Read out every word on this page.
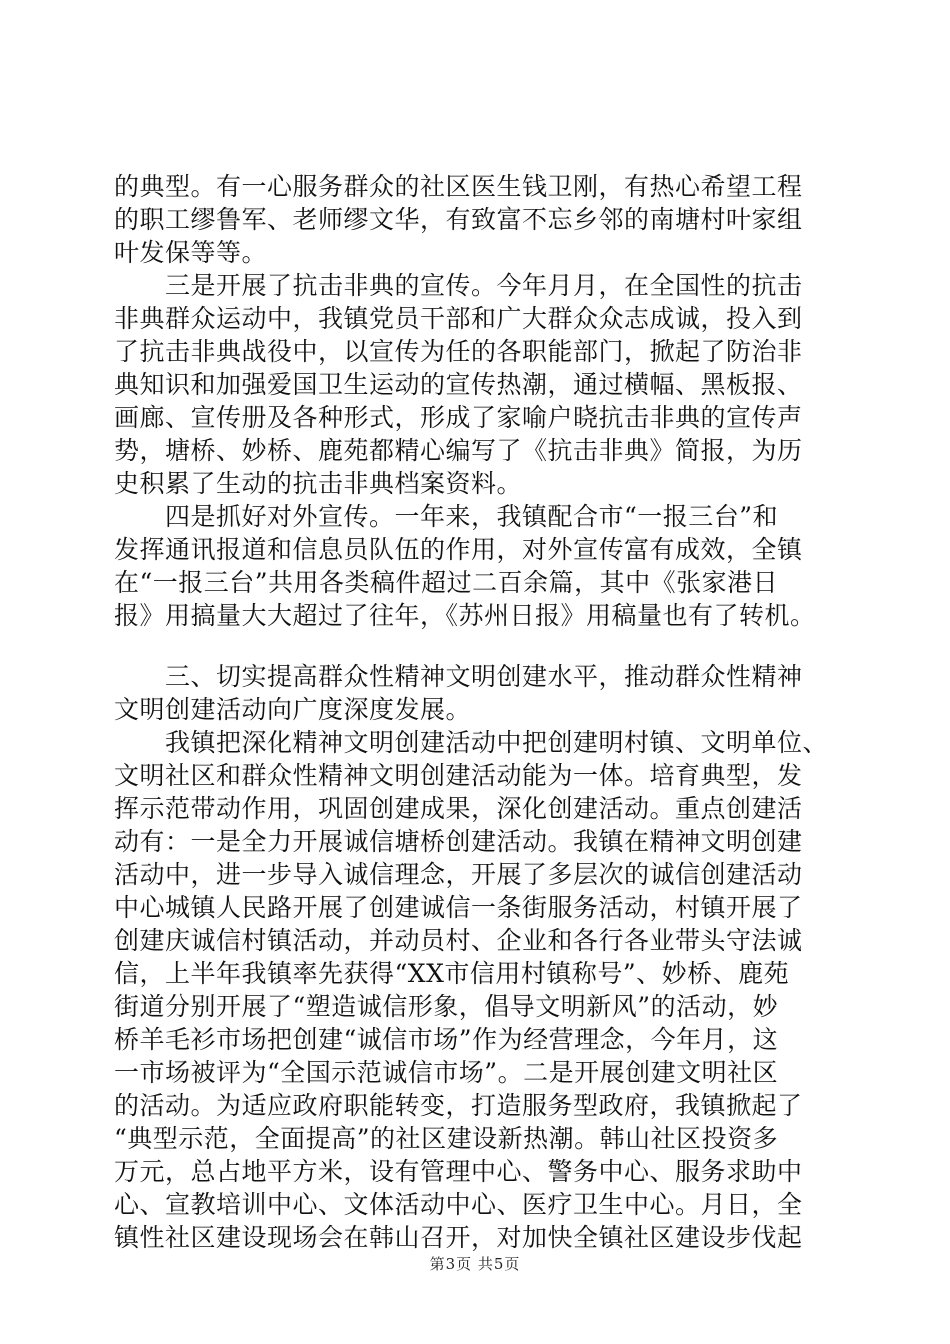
的典型。有一心服务群众的社区医生钱卫刚，有热心希望工程
的职工缪鲁军、老师缪文华，有致富不忘乡邻的南塘村叶家组
叶发保等等。
　　三是开展了抗击非典的宣传。今年月月，在全国性的抗击
非典群众运动中，我镇党员干部和广大群众众志成诚，投入到
了抗击非典战役中，以宣传为任的各职能部门，掀起了防治非
典知识和加强爱国卫生运动的宣传热潮，通过横幅、黑板报、
画廊、宣传册及各种形式，形成了家喻户晓抗击非典的宣传声
势，塘桥、妙桥、鹿苑都精心编写了《抗击非典》简报，为历
史积累了生动的抗击非典档案资料。
　　四是抓好对外宣传。一年来，我镇配合市“一报三台”和
发挥通讯报道和信息员队伍的作用，对外宣传富有成效，全镇
在“一报三台”共用各类稿件超过二百余篇，其中《张家港日
报》用搞量大大超过了往年，《苏州日报》用稿量也有了转机。
　　三、切实提高群众性精神文明创建水平，推动群众性精神
文明创建活动向广度深度发展。
　　我镇把深化精神文明创建活动中把创建明村镇、文明单位、
文明社区和群众性精神文明创建活动能为一体。培育典型，发
挥示范带动作用，巩固创建成果，深化创建活动。重点创建活
动有：一是全力开展诚信塘桥创建活动。我镇在精神文明创建
活动中，进一步导入诚信理念，开展了多层次的诚信创建活动
中心城镇人民路开展了创建诚信一条街服务活动，村镇开展了
创建庆诚信村镇活动，并动员村、企业和各行各业带头守法诚
信，上半年我镇率先获得“XX市信用村镇称号”、妙桥、鹿苑
街道分别开展了“塑造诚信形象，倡导文明新风”的活动，妙
桥羊毛衫市场把创建“诚信市场”作为经营理念，今年月，这
一市场被评为“全国示范诚信市场”。二是开展创建文明社区
的活动。为适应政府职能转变，打造服务型政府，我镇掀起了
“典型示范，全面提高”的社区建设新热潮。韩山社区投资多
万元，总占地平方米，设有管理中心、警务中心、服务求助中
心、宣教培训中心、文体活动中心、医疗卫生中心。月日，全
镇性社区建设现场会在韩山召开，对加快全镇社区建设步伐起
第3页 共5页
